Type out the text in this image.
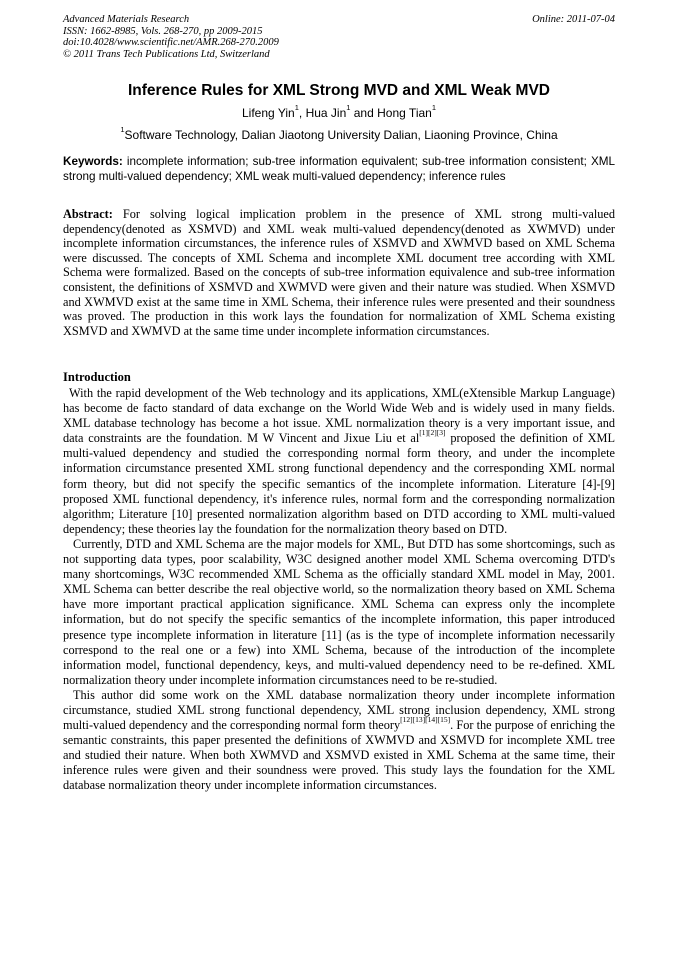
Advanced Materials Research
ISSN: 1662-8985, Vols. 268-270, pp 2009-2015
doi:10.4028/www.scientific.net/AMR.268-270.2009
© 2011 Trans Tech Publications Ltd, Switzerland
Online: 2011-07-04
Inference Rules for XML Strong MVD and XML Weak MVD
Lifeng Yin$^1$, Hua Jin$^1$ and Hong Tian$^1$
$^1$Software Technology, Dalian Jiaotong University Dalian, Liaoning Province, China
Keywords: incomplete information; sub-tree information equivalent; sub-tree information consistent; XML strong multi-valued dependency; XML weak multi-valued dependency; inference rules
Abstract: For solving logical implication problem in the presence of XML strong multi-valued dependency(denoted as XSMVD) and XML weak multi-valued dependency(denoted as XWMVD) under incomplete information circumstances, the inference rules of XSMVD and XWMVD based on XML Schema were discussed. The concepts of XML Schema and incomplete XML document tree according with XML Schema were formalized. Based on the concepts of sub-tree information equivalence and sub-tree information consistent, the definitions of XSMVD and XWMVD were given and their nature was studied. When XSMVD and XWMVD exist at the same time in XML Schema, their inference rules were presented and their soundness was proved. The production in this work lays the foundation for normalization of XML Schema existing XSMVD and XWMVD at the same time under incomplete information circumstances.
Introduction

With the rapid development of the Web technology and its applications, XML(eXtensible Markup Language) has become de facto standard of data exchange on the World Wide Web and is widely used in many fields. XML database technology has become a hot issue. XML normalization theory is a very important issue, and data constraints are the foundation. M W Vincent and Jixue Liu et al[1][2][3] proposed the definition of XML multi-valued dependency and studied the corresponding normal form theory, and under the incomplete information circumstance presented XML strong functional dependency and the corresponding XML normal form theory, but did not specify the specific semantics of the incomplete information. Literature [4]-[9] proposed XML functional dependency, it's inference rules, normal form and the corresponding normalization algorithm; Literature [10] presented normalization algorithm based on DTD according to XML multi-valued dependency; these theories lay the foundation for the normalization theory based on DTD.

Currently, DTD and XML Schema are the major models for XML, But DTD has some shortcomings, such as not supporting data types, poor scalability, W3C designed another model XML Schema overcoming DTD's many shortcomings, W3C recommended XML Schema as the officially standard XML model in May, 2001. XML Schema can better describe the real objective world, so the normalization theory based on XML Schema have more important practical application significance. XML Schema can express only the incomplete information, but do not specify the specific semantics of the incomplete information, this paper introduced presence type incomplete information in literature [11] (as is the type of incomplete information necessarily correspond to the real one or a few) into XML Schema, because of the introduction of the incomplete information model, functional dependency, keys, and multi-valued dependency need to be re-defined. XML normalization theory under incomplete information circumstances need to be re-studied.

This author did some work on the XML database normalization theory under incomplete information circumstance, studied XML strong functional dependency, XML strong inclusion dependency, XML strong multi-valued dependency and the corresponding normal form theory[12][13][14][15]. For the purpose of enriching the semantic constraints, this paper presented the definitions of XWMVD and XSMVD for incomplete XML tree and studied their nature. When both XWMVD and XSMVD existed in XML Schema at the same time, their inference rules were given and their soundness were proved. This study lays the foundation for the XML database normalization theory under incomplete information circumstances.
